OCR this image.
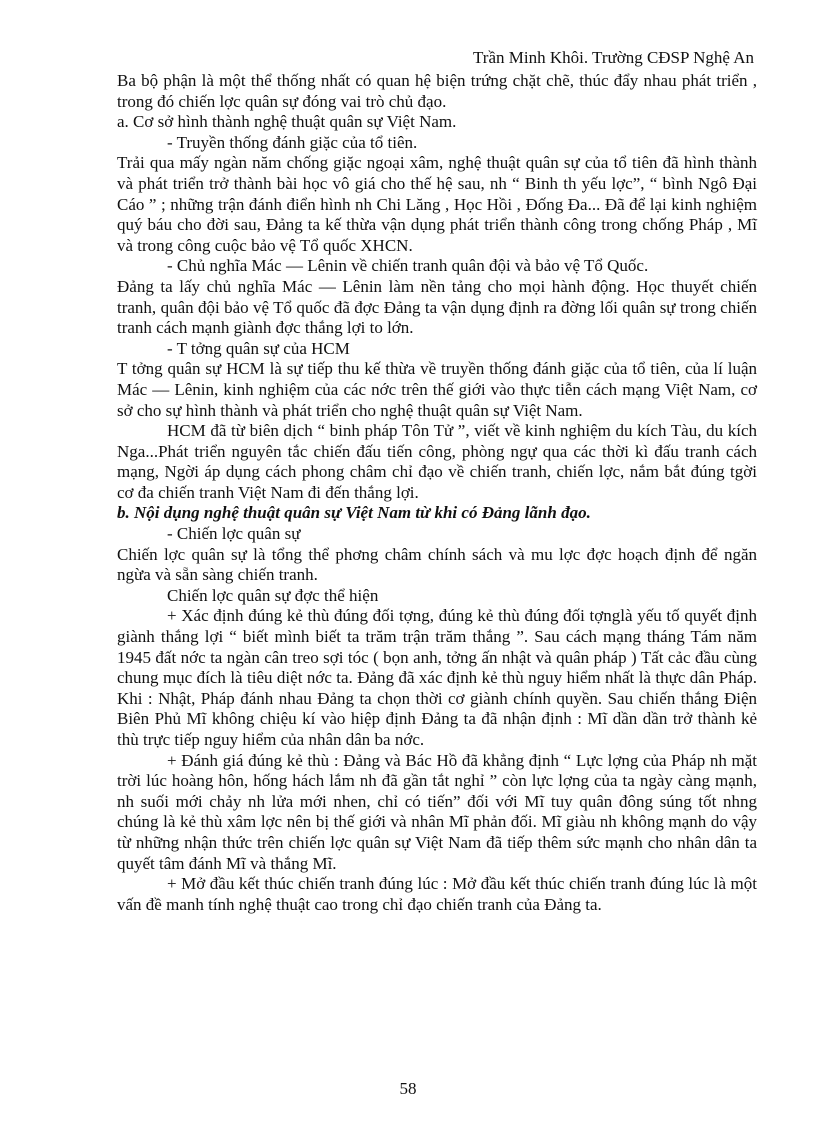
Trần Minh Khôi. Trường CĐSP Nghệ An

Ba bộ phận là một thể thống nhất có quan hệ biện trứng chặt chẽ, thúc đẩy nhau phát triển , trong đó chiến lợc quân sự đóng vai trò chủ đạo.

a. Cơ sở hình thành nghệ thuật quân sự Việt Nam.

- Truyền thống đánh giặc của tổ tiên.

Trải qua mấy ngàn năm chống giặc ngoại xâm, nghệ thuật quân sự của tổ tiên đã hình thành và phát triển trở thành bài học vô giá cho thế hệ sau, nh “ Binh th yếu lợc”, “ bình Ngô Đại Cáo ” ; những trận đánh điển hình nh Chi Lăng , Học Hồi , Đống Đa... Đã để lại kinh nghiệm quý báu cho đời sau, Đảng ta kế thừa vận dụng phát triển thành công trong chống Pháp , Mĩ và trong công cuộc bảo vệ Tổ quốc XHCN.

- Chủ nghĩa Mác — Lênin về chiến tranh quân đội và bảo vệ Tổ Quốc.

Đảng ta lấy chủ nghĩa Mác — Lênin làm nền tảng cho mọi hành động. Học thuyết chiến tranh, quân đội bảo vệ Tổ quốc đã đợc Đảng ta vận dụng định ra đờng lối quân sự trong chiến tranh cách mạnh giành đợc thắng lợi to lớn.

- T tởng quân sự của HCM

T tởng quân sự HCM là sự tiếp thu kế thừa về truyền thống đánh giặc của tổ tiên, của lí luận Mác — Lênin, kinh nghiệm của các nớc trên thế giới vào thực tiễn cách mạng Việt Nam, cơ sở cho sự hình thành và phát triển cho nghệ thuật quân sự Việt Nam.

HCM đã từ biên dịch “ binh pháp Tôn Tử ”, viết về kinh nghiệm du kích Tàu, du kích Nga...Phát triển nguyên tắc chiến đấu tiến công, phòng ngự qua các thời kì đấu tranh cách mạng, Ngời áp dụng cách phong châm chỉ đạo về chiến tranh, chiến lợc, nắm bắt đúng tgời cơ đa chiến tranh Việt Nam đi đến thắng lợi.

b. Nội dụng nghệ thuật quân sự Việt Nam từ khi có Đảng lãnh đạo.

- Chiến lợc quân sự

Chiến lợc quân sự là tổng thể phơng châm chính sách và mu lợc đợc hoạch định để ngăn ngừa và sẵn sàng chiến tranh.

Chiến lợc quân sự đợc thể hiện

+ Xác định đúng kẻ thù đúng đối tợng, đúng kẻ thù đúng đối tợnglà yếu tố quyết định giành thắng lợi “ biết mình biết ta trăm trận trăm thắng ”. Sau cách mạng tháng Tám năm 1945 đất nớc ta ngàn cân treo sợi tóc ( bọn anh, tởng ấn nhật và quân pháp ) Tất cảc đầu cùng chung mục đích là tiêu diệt nớc ta. Đảng đã xác định kẻ thù nguy hiểm nhất là thực dân Pháp. Khi : Nhật, Pháp đánh nhau Đảng ta chọn thời cơ giành chính quyền. Sau chiến thắng Điện Biên Phủ Mĩ không chiệu kí vào hiệp định Đảng ta đã nhận định : Mĩ dần dần trở thành kẻ thù trực tiếp nguy hiểm của nhân dân ba nớc.

+ Đánh giá đúng kẻ thù : Đảng và Bác Hồ đã khẳng định “ Lực lợng của Pháp nh mặt trời lúc hoàng hôn, hống hách lắm nh đã gần tắt nghỉ ” còn lực lợng của ta ngày càng mạnh, nh suối mới chảy nh lửa mới nhen, chỉ có tiến” đối với Mĩ tuy quân đông súng tốt nhng chúng là kẻ thù xâm lợc nên bị thế giới và nhân Mĩ phản đối. Mĩ giàu nh không mạnh do vậy từ những nhận thức trên chiến lợc quân sự Việt Nam đã tiếp thêm sức mạnh cho nhân dân ta quyết tâm đánh Mĩ và thắng Mĩ.

+ Mở đầu kết thúc chiến tranh đúng lúc : Mở đầu kết thúc chiến tranh đúng lúc là một vấn đề manh tính nghệ thuật cao trong chỉ đạo chiến tranh của Đảng ta.

58
